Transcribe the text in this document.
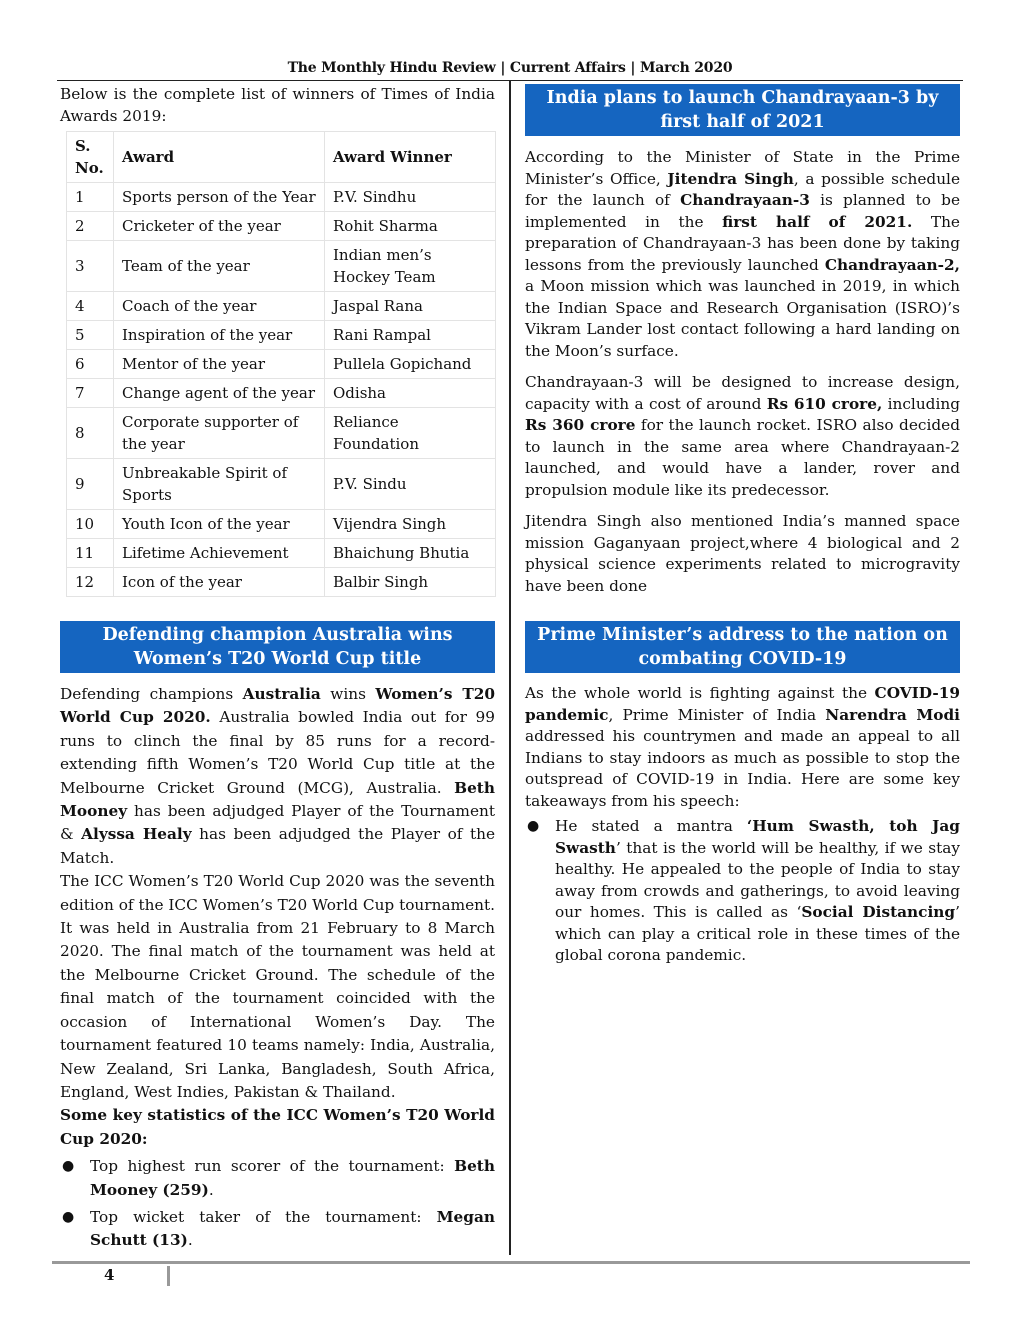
The Monthly Hindu Review | Current Affairs | March 2020

Below is the complete list of winners of Times of India Awards 2019:

S. No.	Award	Award Winner
1	Sports person of the Year	P.V. Sindhu
2	Cricketer of the year	Rohit Sharma
3	Team of the year	Indian men’s Hockey Team
4	Coach of the year	Jaspal Rana
5	Inspiration of the year	Rani Rampal
6	Mentor of the year	Pullela Gopichand
7	Change agent of the year	Odisha
8	Corporate supporter of the year	Reliance Foundation
9	Unbreakable Spirit of Sports	P.V. Sindu
10	Youth Icon of the year	Vijendra Singh
11	Lifetime Achievement	Bhaichung Bhutia
12	Icon of the year	Balbir Singh
Defending champion Australia wins Women’s T20 World Cup title

Defending champions Australia wins Women’s T20 World Cup 2020. Australia bowled India out for 99 runs to clinch the final by 85 runs for a record-extending fifth Women’s T20 World Cup title at the Melbourne Cricket Ground (MCG), Australia. Beth Mooney has been adjudged Player of the Tournament & Alyssa Healy has been adjudged the Player of the Match.

The ICC Women’s T20 World Cup 2020 was the seventh edition of the ICC Women’s T20 World Cup tournament. It was held in Australia from 21 February to 8 March 2020. The final match of the tournament was held at the Melbourne Cricket Ground. The schedule of the final match of the tournament coincided with the occasion of International Women’s Day. The tournament featured 10 teams namely: India, Australia, New Zealand, Sri Lanka, Bangladesh, South Africa, England, West Indies, Pakistan & Thailand.

Some key statistics of the ICC Women’s T20 World Cup 2020:

● Top highest run scorer of the tournament: Beth Mooney (259).
● Top wicket taker of the tournament: Megan Schutt (13).
India plans to launch Chandrayaan-3 by first half of 2021

According to the Minister of State in the Prime Minister’s Office, Jitendra Singh, a possible schedule for the launch of Chandrayaan-3 is planned to be implemented in the first half of 2021. The preparation of Chandrayaan-3 has been done by taking lessons from the previously launched Chandrayaan-2, a Moon mission which was launched in 2019, in which the Indian Space and Research Organisation (ISRO)’s Vikram Lander lost contact following a hard landing on the Moon’s surface.

Chandrayaan-3 will be designed to increase design, capacity with a cost of around Rs 610 crore, including Rs 360 crore for the launch rocket. ISRO also decided to launch in the same area where Chandrayaan-2 launched, and would have a lander, rover and propulsion module like its predecessor.

Jitendra Singh also mentioned India’s manned space mission Gaganyaan project,where 4 biological and 2 physical science experiments related to microgravity have been done

Prime Minister’s address to the nation on combating COVID-19

As the whole world is fighting against the COVID-19 pandemic, Prime Minister of India Narendra Modi addressed his countrymen and made an appeal to all Indians to stay indoors as much as possible to stop the outspread of COVID-19 in India. Here are some key takeaways from his speech:

● He stated a mantra ‘Hum Swasth, toh Jag Swasth’ that is the world will be healthy, if we stay healthy. He appealed to the people of India to stay away from crowds and gatherings, to avoid leaving our homes. This is called as ‘Social Distancing’ which can play a critical role in these times of the global corona pandemic.
4
